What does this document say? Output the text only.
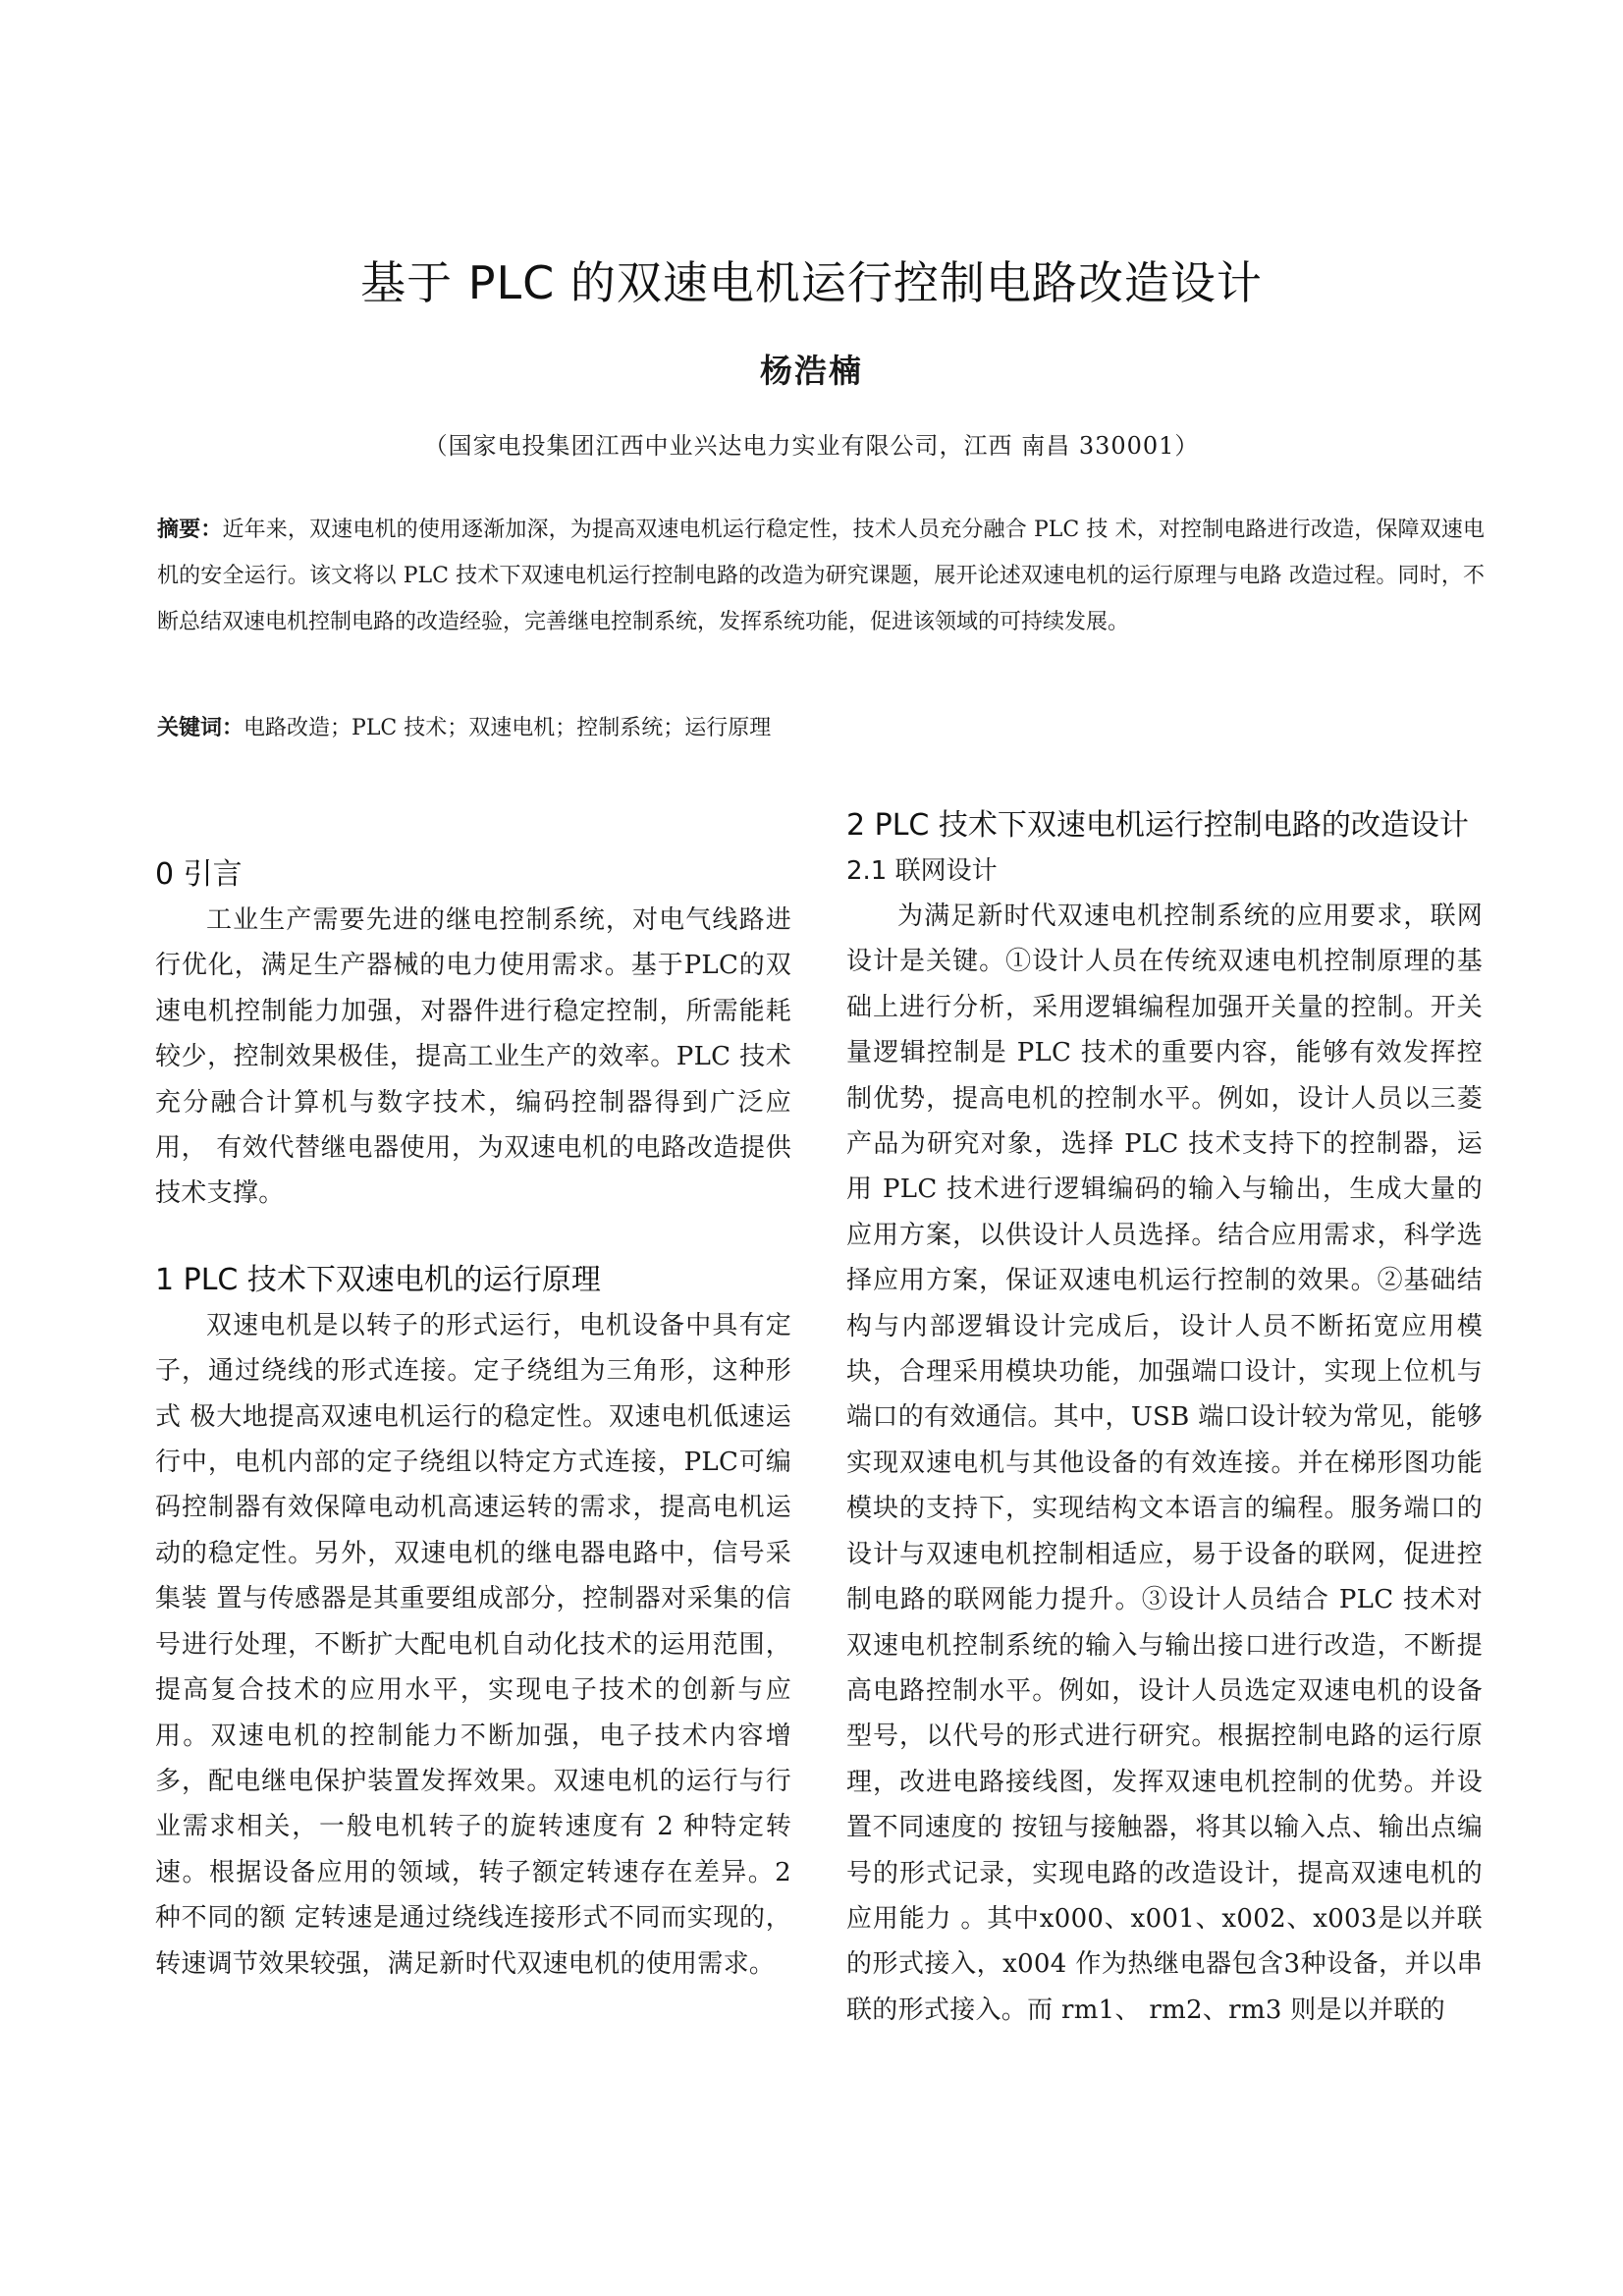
基于 PLC 的双速电机运行控制电路改造设计
杨浩楠
（国家电投集团江西中业兴达电力实业有限公司，江西 南昌 330001）

摘要：近年来，双速电机的使用逐渐加深，为提高双速电机运行稳定性，技术人员充分融合 PLC 技 术，对控制电路进行改造，保障双速电机的安全运行。该文将以 PLC 技术下双速电机运行控制电路的改造为研究课题，展开论述双速电机的运行原理与电路 改造过程。同时，不断总结双速电机控制电路的改造经验，完善继电控制系统，发挥系统功能，促进该领域的可持续发展。

关键词：电路改造；PLC 技术；双速电机；控制系统；运行原理

0 引言

工业生产需要先进的继电控制系统，对电气线路进行优化，满足生产器械的电力使用需求。基于PLC的双速电机控制能力加强，对器件进行稳定控制，所需能耗较少，控制效果极佳，提高工业生产的效率。PLC 技术充分融合计算机与数字技术，编码控制器得到广泛应用， 有效代替继电器使用，为双速电机的电路改造提供技术支撑。

1 PLC 技术下双速电机的运行原理

双速电机是以转子的形式运行，电机设备中具有定子，通过绕线的形式连接。定子绕组为三角形，这种形式 极大地提高双速电机运行的稳定性。双速电机低速运行中，电机内部的定子绕组以特定方式连接，PLC可编码控制器有效保障电动机高速运转的需求，提高电机运动的稳定性。另外，双速电机的继电器电路中，信号采集装 置与传感器是其重要组成部分，控制器对采集的信号进行处理，不断扩大配电机自动化技术的运用范围，提高复合技术的应用水平，实现电子技术的创新与应用。双速电机的控制能力不断加强，电子技术内容增多，配电继电保护装置发挥效果。双速电机的运行与行业需求相关，一般电机转子的旋转速度有 2 种特定转速。根据设备应用的领域，转子额定转速存在差异。2 种不同的额 定转速是通过绕线连接形式不同而实现的，转速调节效果较强，满足新时代双速电机的使用需求。

2 PLC 技术下双速电机运行控制电路的改造设计
2.1 联网设计

为满足新时代双速电机控制系统的应用要求，联网设计是关键。①设计人员在传统双速电机控制原理的基础上进行分析，采用逻辑编程加强开关量的控制。开关量逻辑控制是 PLC 技术的重要内容，能够有效发挥控制优势，提高电机的控制水平。例如，设计人员以三菱产品为研究对象，选择 PLC 技术支持下的控制器，运用 PLC 技术进行逻辑编码的输入与输出，生成大量的应用方案，以供设计人员选择。结合应用需求，科学选择应用方案，保证双速电机运行控制的效果。②基础结构与内部逻辑设计完成后，设计人员不断拓宽应用模块，合理采用模块功能，加强端口设计，实现上位机与端口的有效通信。其中，USB 端口设计较为常见，能够实现双速电机与其他设备的有效连接。并在梯形图功能模块的支持下，实现结构文本语言的编程。服务端口的设计与双速电机控制相适应，易于设备的联网，促进控制电路的联网能力提升。③设计人员结合 PLC 技术对双速电机控制系统的输入与输出接口进行改造，不断提高电路控制水平。例如，设计人员选定双速电机的设备型号，以代号的形式进行研究。根据控制电路的运行原理，改进电路接线图，发挥双速电机控制的优势。并设置不同速度的 按钮与接触器，将其以输入点、输出点编号的形式记录，实现电路的改造设计，提高双速电机的应用能力 。其中x000、x001、x002、x003是以并联的形式接入，x004 作为热继电器包含3种设备，并以串联的形式接入。而 rm1、 rm2、rm3 则是以并联的
